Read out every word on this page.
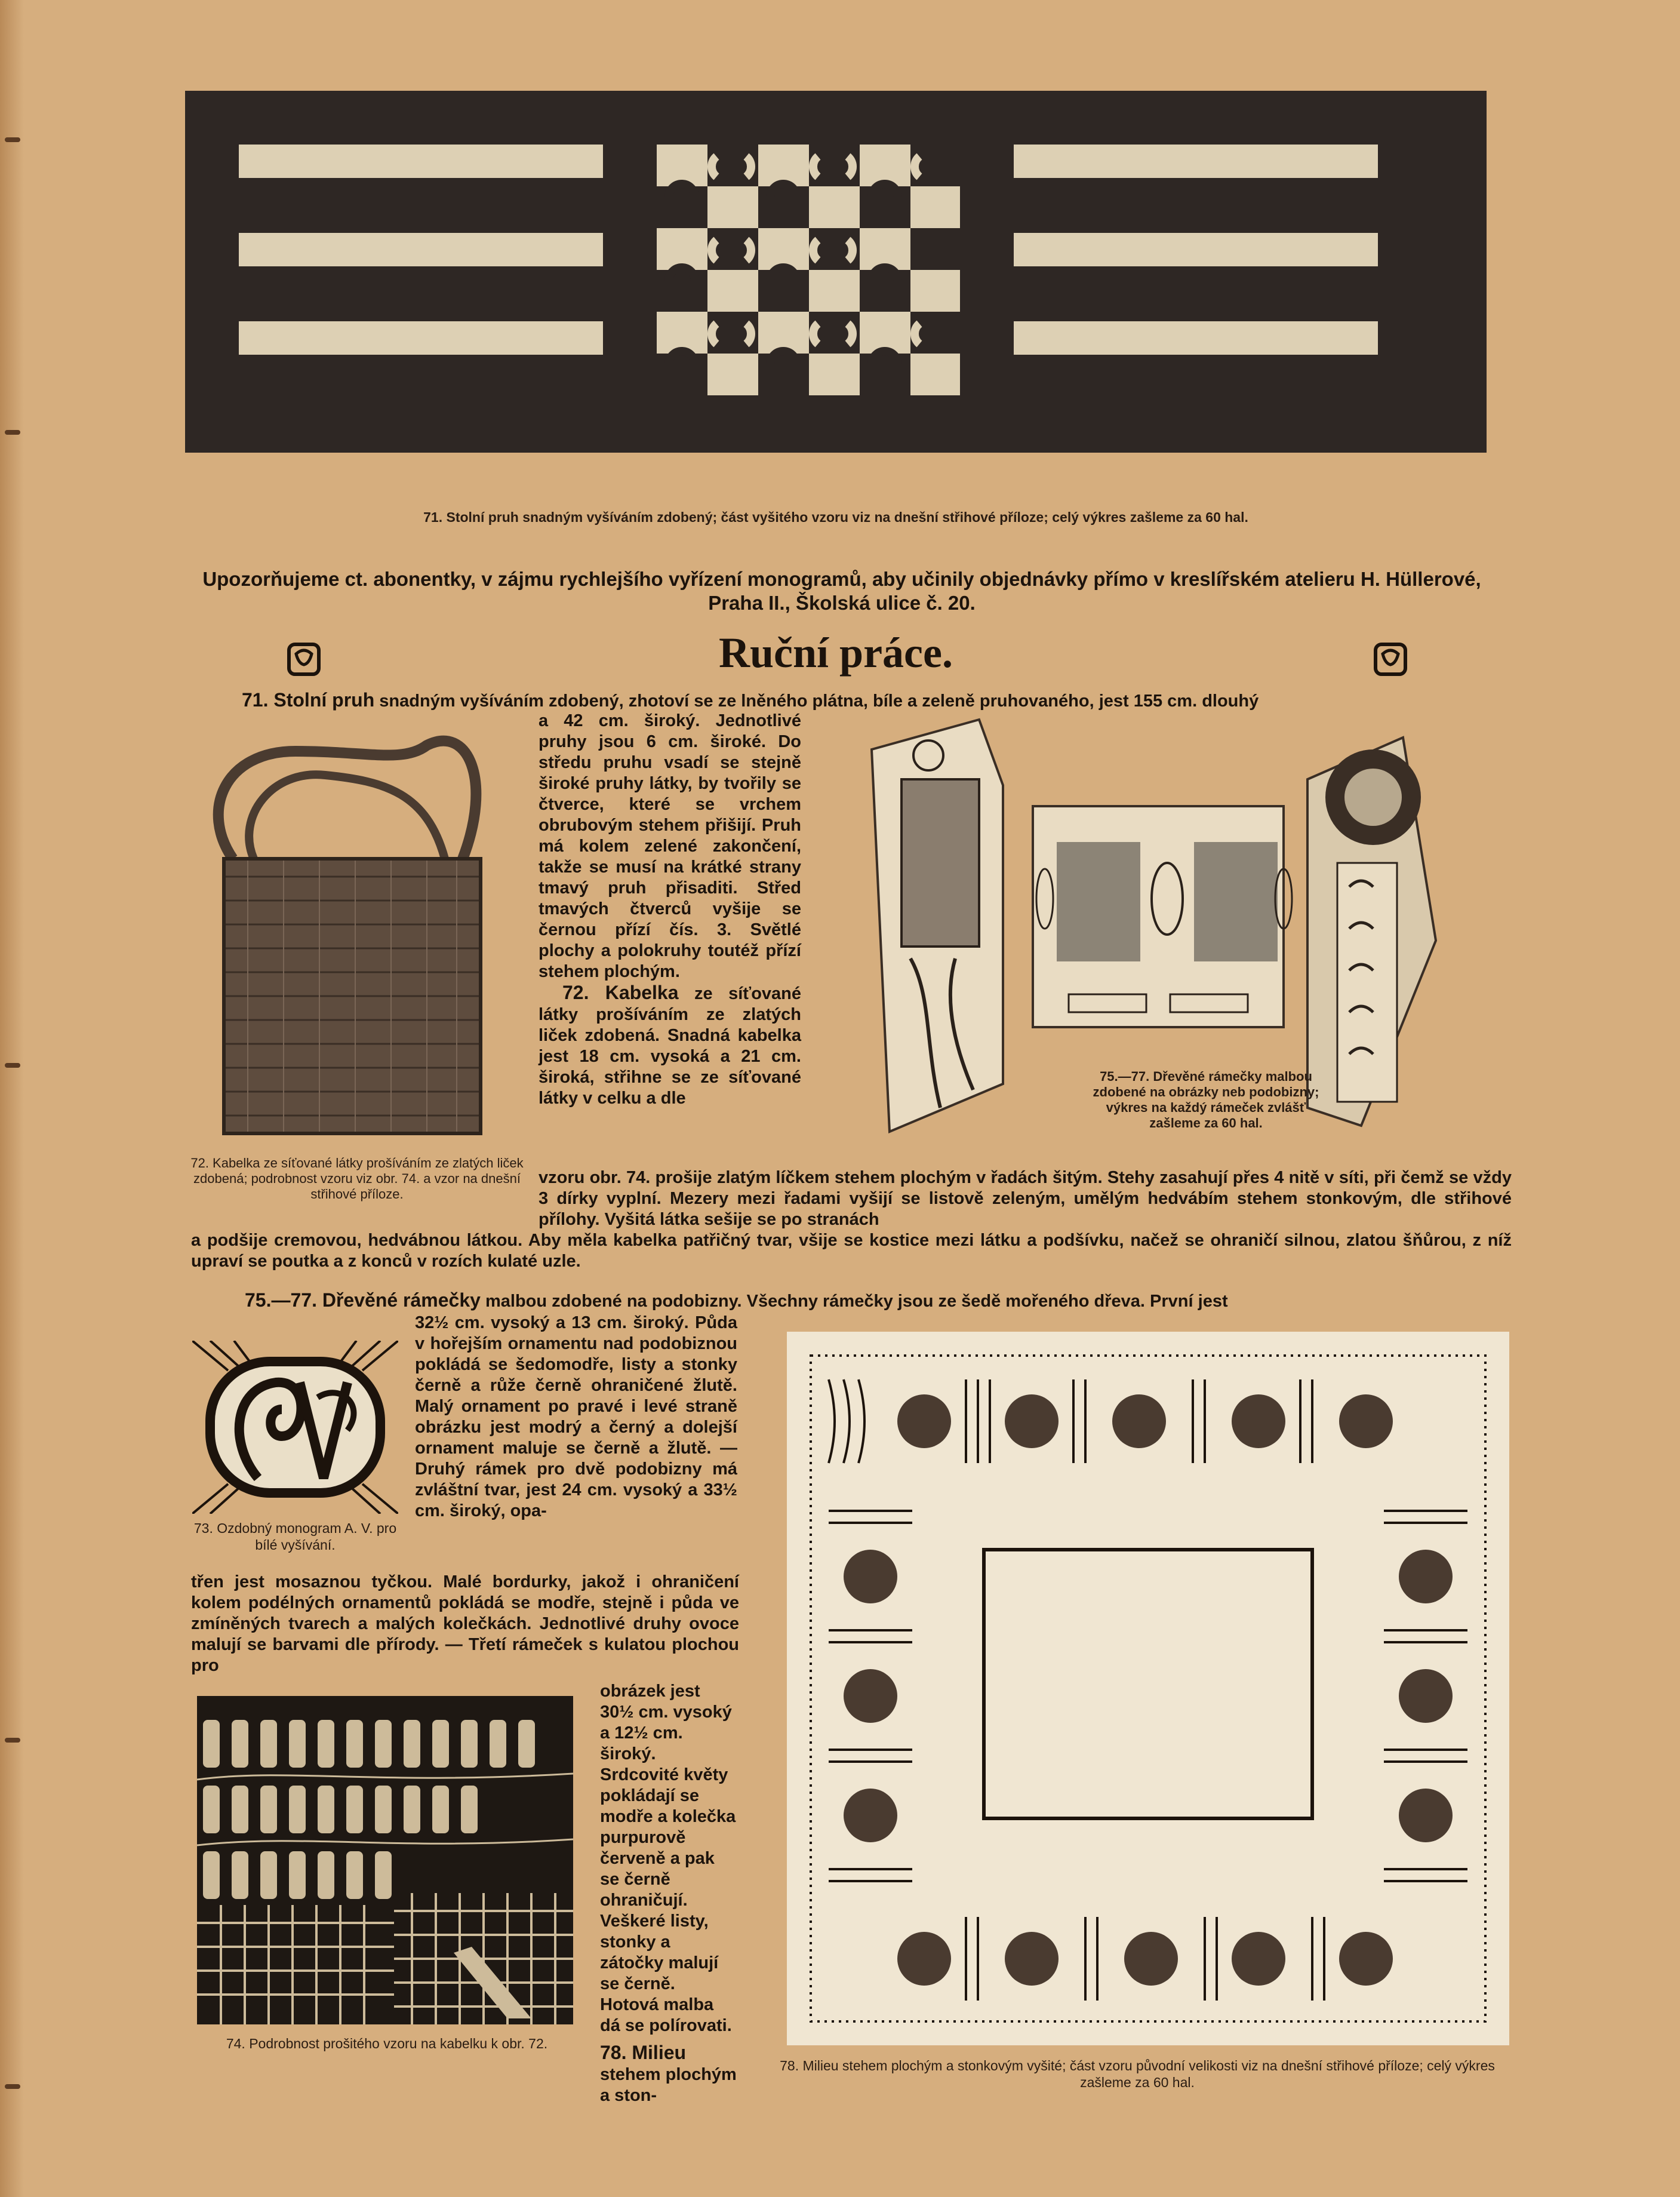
71. Stolní pruh snadným vyšíváním zdobený; část vyšitého vzoru viz na dnešní střihové příloze; celý výkres zašleme za 60 hal.
Upozorňujeme ct. abonentky, v zájmu rychlejšího vyřízení monogramů, aby učinily objednávky přímo v kreslířském atelieru H. Hüllerové, Praha II., Školská ulice č. 20.
Ruční práce.
71. Stolní pruh snadným vyšíváním zdobený, zhotoví se ze lněného plátna, bíle a zeleně pruhovaného, jest 155 cm. dlouhý
72. Kabelka ze síťované látky prošíváním ze zlatých liček zdobená; podrobnost vzoru viz obr. 74. a vzor na dnešní střihové příloze.

a 42 cm. široký. Jednotlivé pruhy jsou 6 cm. široké. Do středu pruhu vsadí se stejně široké pruhy látky, by tvořily se čtverce, které se vrchem obrubovým stehem přišijí. Pruh má kolem zelené zakončení, takže se musí na krátké strany tmavý pruh přisaditi. Střed tmavých čtverců vyšije se černou přízí čís. 3. Světlé plochy a polokruhy toutéž přízí stehem plochým.

72. Kabelka ze síťované látky prošíváním ze zlatých liček zdobená. Snadná kabelka jest 18 cm. vysoká a 21 cm. široká, střihne se ze síťované látky v celku a dle

75.—77. Dřevěné rámečky malbou zdobené na obrázky neb podobizny; výkres na každý rámeček zvlášť zašleme za 60 hal.

vzoru obr. 74. prošije zlatým líčkem stehem plochým v řadách šitým. Stehy zasahují přes 4 nitě v síti, při čemž se vždy 3 dírky vyplní. Mezery mezi řadami vyšijí se listově zeleným, umělým hedvábím stehem stonkovým, dle střihové přílohy. Vyšitá látka sešije se po stranách

a podšije cremovou, hedvábnou látkou. Aby měla kabelka patřičný tvar, všije se kostice mezi látku a podšívku, načež se ohraničí silnou, zlatou šňůrou, z níž upraví se poutka a z konců v rozích kulaté uzle.

75.—77. Dřevěné rámečky malbou zdobené na podobizny. Všechny rámečky jsou ze šedě mořeného dřeva. První jest
73. Ozdobný monogram A. V. pro bílé vyšívání.

32½ cm. vysoký a 13 cm. široký. Půda v hořejším ornamentu nad podobiznou pokládá se šedomodře, listy a stonky černě a růže černě ohraničené žlutě. Malý ornament po pravé i levé straně obrázku jest modrý a černý a dolejší ornament maluje se černě a žlutě. — Druhý rámek pro dvě podobizny má zvláštní tvar, jest 24 cm. vysoký a 33½ cm. široký, opa-

třen jest mosaznou tyčkou. Malé bordurky, jakož i ohraničení kolem podélných ornamentů pokládá se modře, stejně i půda ve zmíněných tvarech a malých kolečkách. Jednotlivé druhy ovoce malují se barvami dle přírody. — Třetí rámeček s kulatou plochou pro

74. Podrobnost prošitého vzoru na kabelku k obr. 72.

obrázek jest 30½ cm. vysoký a 12½ cm. široký. Srdcovité květy pokládají se modře a kolečka purpurově červeně a pak se černě ohraničují. Veškeré listy, stonky a zátočky malují se černě. Hotová malba dá se polírovati.

78. Milieu stehem plochým a ston-

78. Milieu stehem plochým a stonkovým vyšité; část vzoru původní velikosti viz na dnešní střihové příloze; celý výkres zašleme za 60 hal.
